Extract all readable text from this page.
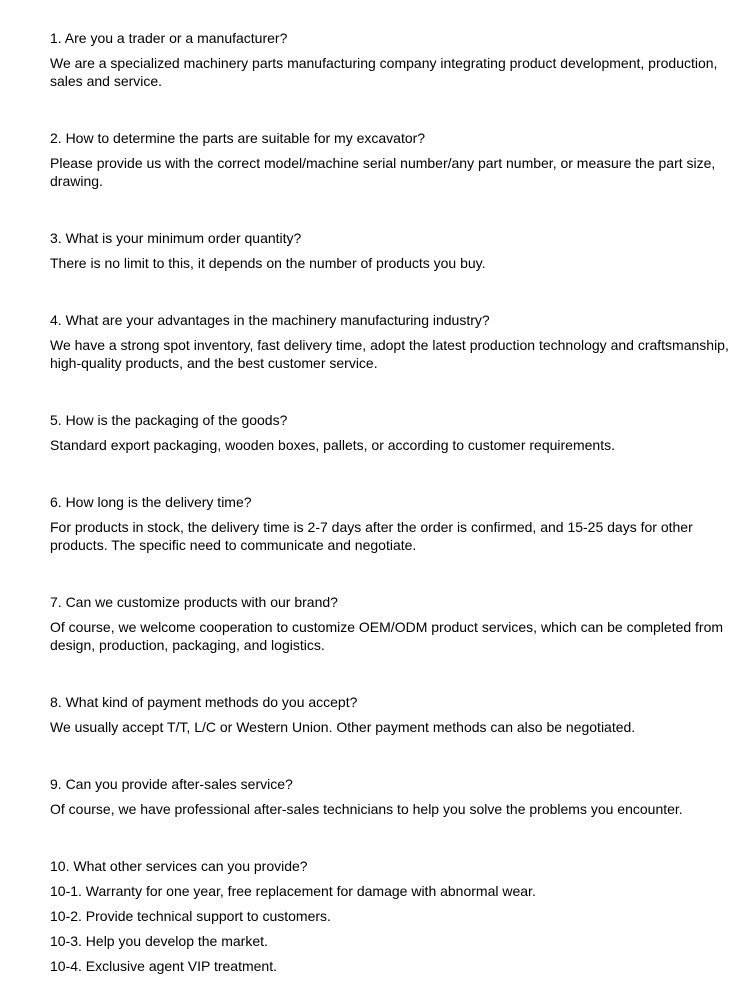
1. Are you a trader or a manufacturer?

We are a specialized machinery parts manufacturing company integrating product development, production, sales and service.

2. How to determine the parts are suitable for my excavator?

Please provide us with the correct model/machine serial number/any part number, or measure the part size, drawing.

3. What is your minimum order quantity?

There is no limit to this, it depends on the number of products you buy.

4. What are your advantages in the machinery manufacturing industry?

We have a strong spot inventory, fast delivery time, adopt the latest production technology and craftsmanship, high-quality products, and the best customer service.

5. How is the packaging of the goods?

Standard export packaging, wooden boxes, pallets, or according to customer requirements.

6. How long is the delivery time?

For products in stock, the delivery time is 2-7 days after the order is confirmed, and 15-25 days for other products. The specific need to communicate and negotiate.

7. Can we customize products with our brand?

Of course, we welcome cooperation to customize OEM/ODM product services, which can be completed from design, production, packaging, and logistics.

8. What kind of payment methods do you accept?

We usually accept T/T, L/C or Western Union. Other payment methods can also be negotiated.

9. Can you provide after-sales service?

Of course, we have professional after-sales technicians to help you solve the problems you encounter.

10. What other services can you provide?

10-1. Warranty for one year, free replacement for damage with abnormal wear.

10-2. Provide technical support to customers.

10-3. Help you develop the market.

10-4. Exclusive agent VIP treatment.
